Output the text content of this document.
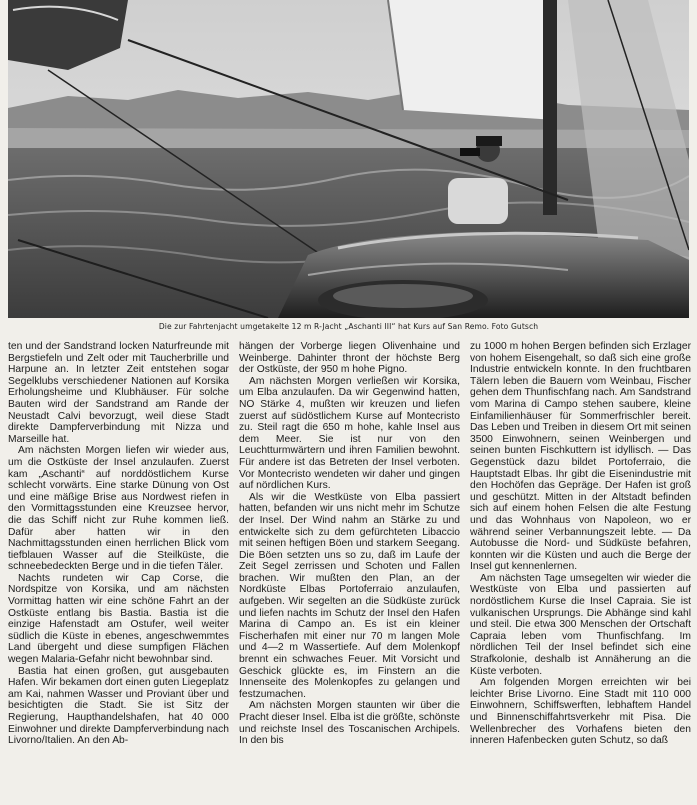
Die zur Fahrtenjacht umgetakelte 12 m R-Jacht „Aschanti III“ hat Kurs auf San Remo. Foto Gutsch

ten und der Sandstrand locken Naturfreunde mit Bergstiefeln und Zelt oder mit Taucherbrille und Harpune an. In letzter Zeit entstehen sogar Segelklubs verschiedener Nationen auf Korsika Erholungsheime und Klubhäuser. Für solche Bauten wird der Sandstrand am Rande der Neustadt Calvi bevorzugt, weil diese Stadt direkte Dampferverbindung mit Nizza und Marseille hat.

Am nächsten Morgen liefen wir wieder aus, um die Ostküste der Insel anzulaufen. Zuerst kam „Aschanti“ auf norddöstlichem Kurse schlecht vorwärts. Eine starke Dünung von Ost und eine mäßige Brise aus Nordwest riefen in den Vormittagsstunden eine Kreuzsee hervor, die das Schiff nicht zur Ruhe kommen ließ. Dafür aber hatten wir in den Nachmittagsstunden einen herrlichen Blick vom tiefblauen Wasser auf die Steilküste, die schneebedeckten Berge und in die tiefen Täler.

Nachts rundeten wir Cap Corse, die Nordspitze von Korsika, und am nächsten Vormittag hatten wir eine schöne Fahrt an der Ostküste entlang bis Bastia. Bastia ist die einzige Hafenstadt am Ostufer, weil weiter südlich die Küste in ebenes, angeschwemmtes Land übergeht und diese sumpfigen Flächen wegen Malaria-Gefahr nicht bewohnbar sind.

Bastia hat einen großen, gut ausgebauten Hafen. Wir bekamen dort einen guten Liegeplatz am Kai, nahmen Wasser und Proviant über und besichtigten die Stadt. Sie ist Sitz der Regierung, Haupthandelshafen, hat 40 000 Einwohner und direkte Dampferverbindung nach Livorno/Italien. An den Ab-

hängen der Vorberge liegen Olivenhaine und Weinberge. Dahinter thront der höchste Berg der Ostküste, der 950 m hohe Pigno.

Am nächsten Morgen verließen wir Korsika, um Elba anzulaufen. Da wir Gegenwind hatten, NO Stärke 4, mußten wir kreuzen und liefen zuerst auf südöstlichem Kurse auf Montecristo zu. Steil ragt die 650 m hohe, kahle Insel aus dem Meer. Sie ist nur von den Leuchtturmwärtern und ihren Familien bewohnt. Für andere ist das Betreten der Insel verboten. Vor Montecristo wendeten wir daher und gingen auf nördlichen Kurs.

Als wir die Westküste von Elba passiert hatten, befanden wir uns nicht mehr im Schutze der Insel. Der Wind nahm an Stärke zu und entwickelte sich zu dem gefürchteten Libaccio mit seinen heftigen Böen und starkem Seegang. Die Böen setzten uns so zu, daß im Laufe der Zeit Segel zerrissen und Schoten und Fallen brachen. Wir mußten den Plan, an der Nordküste Elbas Portoferraio anzulaufen, aufgeben. Wir segelten an die Südküste zurück und liefen nachts im Schutz der Insel den Hafen Marina di Campo an. Es ist ein kleiner Fischerhafen mit einer nur 70 m langen Mole und 4—2 m Wassertiefe. Auf dem Molenkopf brennt ein schwaches Feuer. Mit Vorsicht und Geschick glückte es, im Finstern an die Innenseite des Molenkopfes zu gelangen und festzumachen.

Am nächsten Morgen staunten wir über die Pracht dieser Insel. Elba ist die größte, schönste und reichste Insel des Toscanischen Archipels. In den bis

zu 1000 m hohen Bergen befinden sich Erzlager von hohem Eisengehalt, so daß sich eine große Industrie entwickeln konnte. In den fruchtbaren Tälern leben die Bauern vom Weinbau, Fischer gehen dem Thunfischfang nach. Am Sandstrand vom Marina di Campo stehen saubere, kleine Einfamilienhäuser für Sommerfrischler bereit. Das Leben und Treiben in diesem Ort mit seinen 3500 Einwohnern, seinen Weinbergen und seinen bunten Fischkuttern ist idyllisch. — Das Gegenstück dazu bildet Portoferraio, die Hauptstadt Elbas. Ihr gibt die Eisenindustrie mit den Hochöfen das Gepräge. Der Hafen ist groß und geschützt. Mitten in der Altstadt befinden sich auf einem hohen Felsen die alte Festung und das Wohnhaus von Napoleon, wo er während seiner Verbannungszeit lebte. — Da Autobusse die Nord- und Südküste befahren, konnten wir die Küsten und auch die Berge der Insel gut kennenlernen.

Am nächsten Tage umsegelten wir wieder die Westküste von Elba und passierten auf nordöstlichem Kurse die Insel Capraia. Sie ist vulkanischen Ursprungs. Die Abhänge sind kahl und steil. Die etwa 300 Menschen der Ortschaft Capraia leben vom Thunfischfang. Im nördlichen Teil der Insel befindet sich eine Strafkolonie, deshalb ist Annäherung an die Küste verboten.

Am folgenden Morgen erreichten wir bei leichter Brise Livorno. Eine Stadt mit 110 000 Einwohnern, Schiffswerften, lebhaftem Handel und Binnenschiffahrtsverkehr mit Pisa. Die Wellenbrecher des Vorhafens bieten den inneren Hafenbecken guten Schutz, so daß
